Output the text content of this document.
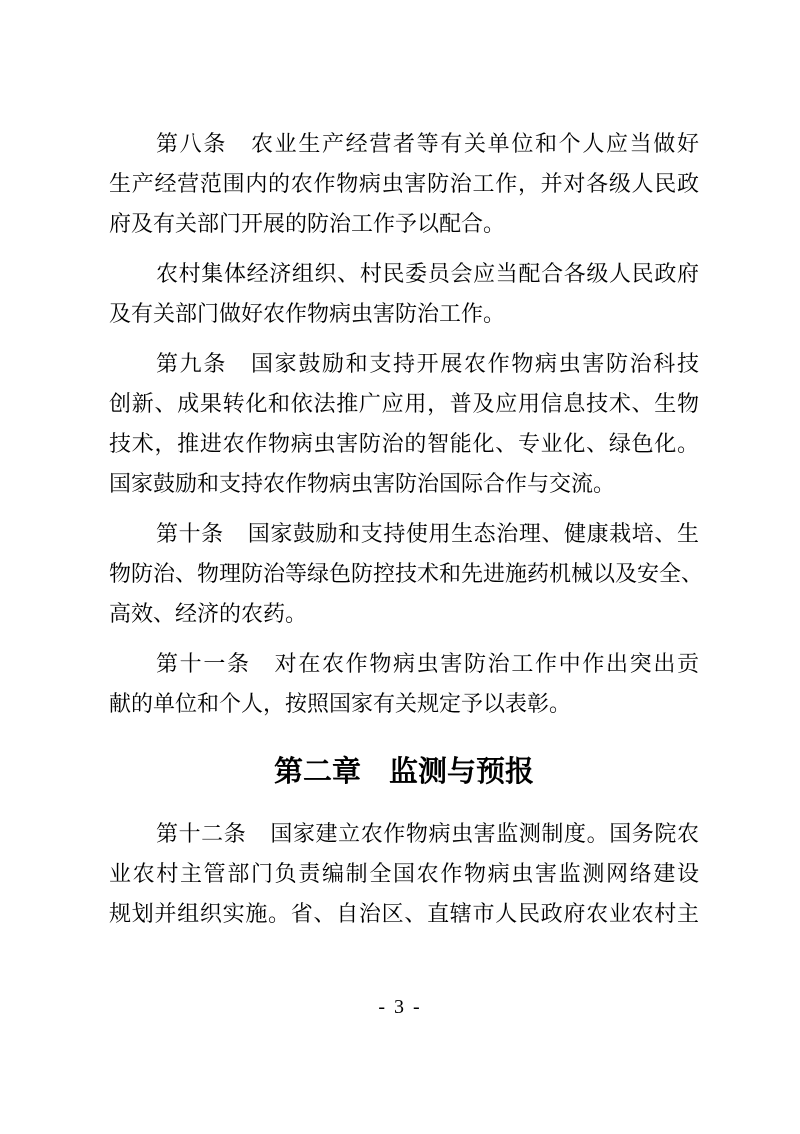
第八条 农业生产经营者等有关单位和个人应当做好
生产经营范围内的农作物病虫害防治工作，并对各级人民政
府及有关部门开展的防治工作予以配合。
农村集体经济组织、村民委员会应当配合各级人民政府
及有关部门做好农作物病虫害防治工作。
第九条 国家鼓励和支持开展农作物病虫害防治科技
创新、成果转化和依法推广应用，普及应用信息技术、生物
技术，推进农作物病虫害防治的智能化、专业化、绿色化。
国家鼓励和支持农作物病虫害防治国际合作与交流。
第十条 国家鼓励和支持使用生态治理、健康栽培、生
物防治、物理防治等绿色防控技术和先进施药机械以及安全、
高效、经济的农药。
第十一条 对在农作物病虫害防治工作中作出突出贡
献的单位和个人，按照国家有关规定予以表彰。
第二章 监测与预报
第十二条 国家建立农作物病虫害监测制度。国务院农
业农村主管部门负责编制全国农作物病虫害监测网络建设
规划并组织实施。省、自治区、直辖市人民政府农业农村主
- 3 -
